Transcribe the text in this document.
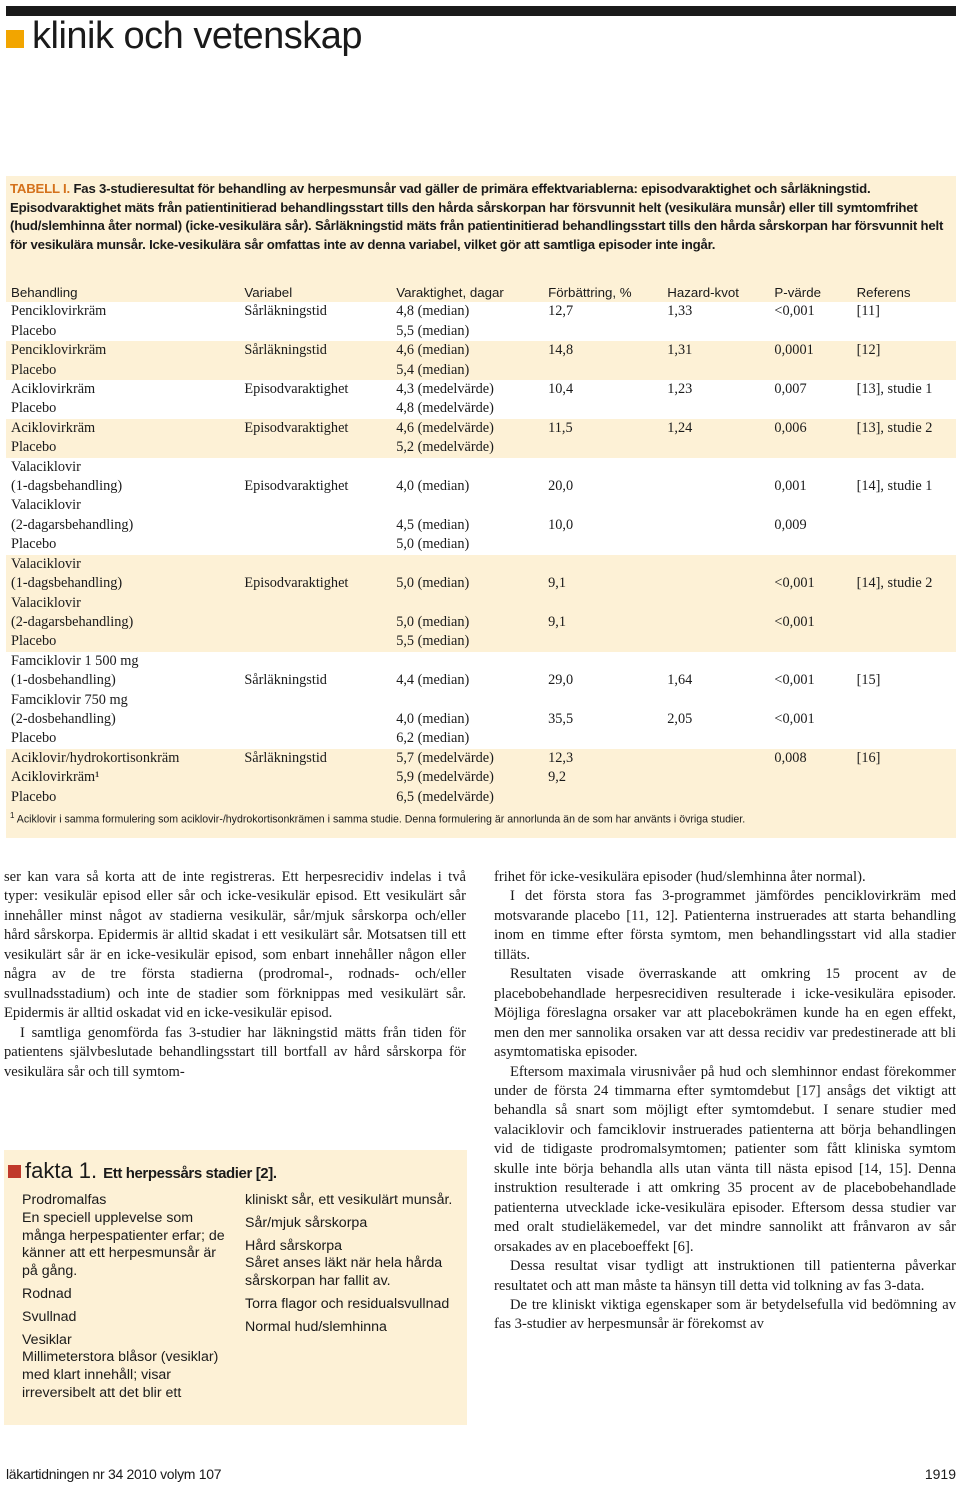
klinik och vetenskap
TABELL I. Fas 3-studieresultat för behandling av herpesmunsår vad gäller de primära effektvariablerna: episodvaraktighet och sårläkningstid. Episodvaraktighet mäts från patientinitierad behandlingsstart tills den hårda sårskorpan har försvunnit helt (vesikulära munsår) eller till symtomfrihet (hud/slemhinna åter normal) (icke-vesikulära sår). Sårläkningstid mäts från patientinitierad behandlingsstart tills den hårda sårskorpan har försvunnit helt för vesikulära munsår. Icke-vesikulära sår omfattas inte av denna variabel, vilket gör att samtliga episoder inte ingår.
Behandling	Variabel	Varaktighet, dagar	Förbättring, %	Hazard-kvot	P-värde	Referens
Penciklovirkräm	Sårläkningstid	4,8 (median)	12,7	1,33	<0,001	[11]
Placebo		5,5 (median)				
Penciklovirkräm	Sårläkningstid	4,6 (median)	14,8	1,31	0,0001	[12]
Placebo		5,4 (median)				
Aciklovirkräm	Episodvaraktighet	4,3 (medelvärde)	10,4	1,23	0,007	[13], studie 1
Placebo		4,8 (medelvärde)				
Aciklovirkräm	Episodvaraktighet	4,6 (medelvärde)	11,5	1,24	0,006	[13], studie 2
Placebo		5,2 (medelvärde)				
Valaciklovir						
(1-dagsbehandling)	Episodvaraktighet	4,0 (median)	20,0		0,001	[14], studie 1
Valaciklovir						
(2-dagarsbehandling)		4,5 (median)	10,0		0,009	
Placebo		5,0 (median)				
Valaciklovir						
(1-dagsbehandling)	Episodvaraktighet	5,0 (median)	9,1		<0,001	[14], studie 2
Valaciklovir						
(2-dagarsbehandling)		5,0 (median)	9,1		<0,001	
Placebo		5,5 (median)				
Famciklovir 1 500 mg						
(1-dosbehandling)	Sårläkningstid	4,4 (median)	29,0	1,64	<0,001	[15]
Famciklovir 750 mg						
(2-dosbehandling)		4,0 (median)	35,5	2,05	<0,001	
Placebo		6,2 (median)				
Aciklovir/hydrokortisonkräm	Sårläkningstid	5,7 (medelvärde)	12,3		0,008	[16]
Aciklovirkräm¹		5,9 (medelvärde)	9,2			
Placebo		6,5 (medelvärde)				
$^1$ Aciklovir i samma formulering som aciklovir-/hydrokortisonkrämen i samma studie. Denna formulering är annorlunda än de som har använts i övriga studier.

ser kan vara så korta att de inte registreras. Ett herpesrecidiv indelas i två typer: vesikulär episod eller sår och icke-vesikulär episod. Ett vesikulärt sår innehåller minst något av stadierna vesikulär, sår/mjuk sårskorpa och/eller hård sårskorpa. Epidermis är alltid skadat i ett vesikulärt sår. Motsatsen till ett vesikulärt sår är en icke-vesikulär episod, som enbart innehåller någon eller några av de tre första stadierna (prodromal-, rodnads- och/eller svullnadsstadium) och inte de stadier som förknippas med vesikulärt sår. Epidermis är alltid oskadat vid en icke-vesikulär episod.

I samtliga genomförda fas 3-studier har läkningstid mätts från tiden för patientens självbeslutade behandlingsstart till bortfall av hård sårskorpa för vesikulära sår och till symtom-

frihet för icke-vesikulära episoder (hud/slemhinna åter normal).

I det första stora fas 3-programmet jämfördes penciklovirkräm med motsvarande placebo [11, 12]. Patienterna instruerades att starta behandling inom en timme efter första symtom, men behandlingsstart vid alla stadier tilläts.

Resultaten visade överraskande att omkring 15 procent av de placebobehandlade herpesrecidiven resulterade i icke-vesikulära episoder. Möjliga föreslagna orsaker var att placebokrämen kunde ha en egen effekt, men den mer sannolika orsaken var att dessa recidiv var predestinerade att bli asymtomatiska episoder.

Eftersom maximala virusnivåer på hud och slemhinnor endast förekommer under de första 24 timmarna efter symtomdebut [17] ansågs det viktigt att behandla så snart som möjligt efter symtomdebut. I senare studier med valaciklovir och famciklovir instruerades patienterna att börja behandlingen vid de tidigaste prodromalsymtomen; patienter som fått kliniska symtom skulle inte börja behandla alls utan vänta till nästa episod [14, 15]. Denna instruktion resulterade i att omkring 35 procent av de placebobehandlade patienterna utvecklade icke-vesikulära episoder. Eftersom dessa studier var med oralt studieläkemedel, var det mindre sannolikt att frånvaron av sår orsakades av en placeboeffekt [6].

Dessa resultat visar tydligt att instruktionen till patienterna påverkar resultatet och att man måste ta hänsyn till detta vid tolkning av fas 3-data.

De tre kliniskt viktiga egenskaper som är betydelsefulla vid bedömning av fas 3-studier av herpesmunsår är förekomst av

fakta 1. Ett herpessårs stadier [2].
Prodromalfas
En speciell upplevelse som många herpespatienter erfar; de känner att ett herpesmunsår är på gång.
Rodnad
Svullnad
Vesiklar
Millimeterstora blåsor (vesiklar) med klart innehåll; visar irreversibelt att det blir ett
kliniskt sår, ett vesikulärt munsår.
Sår/mjuk sårskorpa
Hård sårskorpa
Såret anses läkt när hela hårda sårskorpan har fallit av.
Torra flagor och residualsvullnad
Normal hud/slemhinna
läkartidningen nr 34 2010 volym 107	1919
